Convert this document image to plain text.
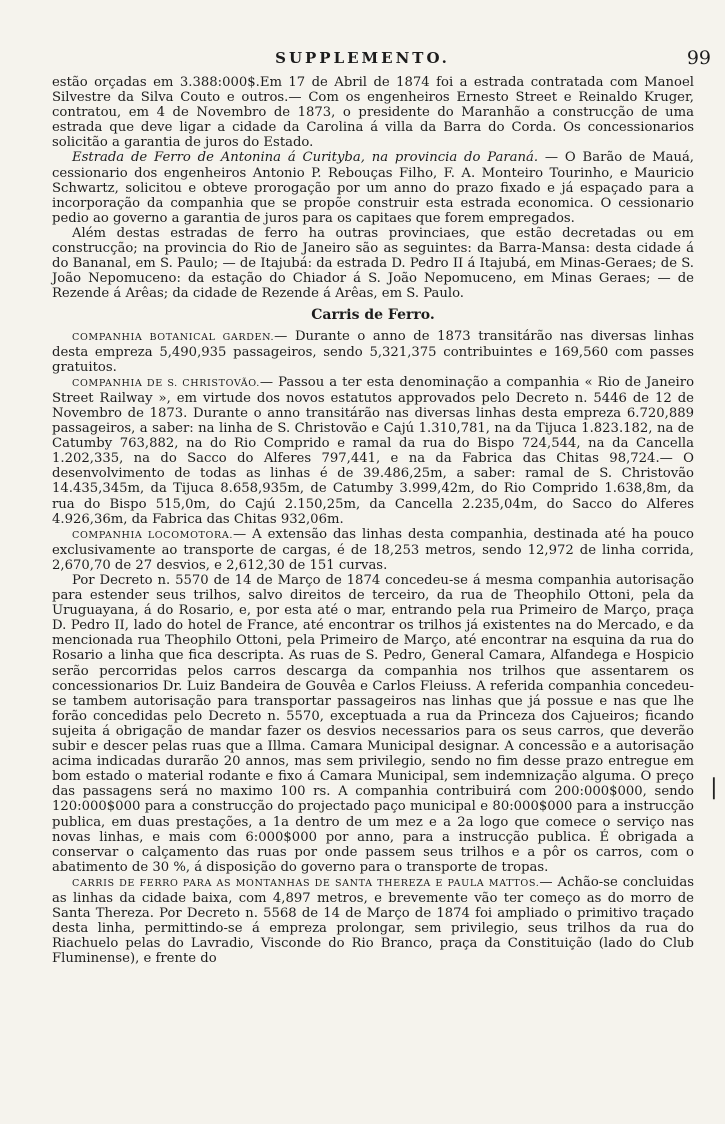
SUPPLEMENTO.	99

estão orçadas em 3.388:000$.Em 17 de Abril de 1874 foi a estrada contratada com Manoel Silvestre da Silva Couto e outros.— Com os engenheiros Ernesto Street e Reinaldo Kruger, contratou, em 4 de Novembro de 1873, o presidente do Maranhão a construcção de uma estrada que deve ligar a cidade da Carolina á villa da Barra do Corda. Os concessionarios solicitão a garantia de juros do Estado.

Estrada de Ferro de Antonina á Curityba, na provincia do Paraná. — O Barão de Mauá, cessionario dos engenheiros Antonio P. Rebouças Filho, F. A. Monteiro Tourinho, e Mauricio Schwartz, solicitou e obteve prorogação por um anno do prazo fixado e já espaçado para a incorporação da companhia que se propõe construir esta estrada economica. O cessionario pedio ao governo a garantia de juros para os capitaes que forem empregados.

Além destas estradas de ferro ha outras provinciaes, que estão decretadas ou em construcção; na provincia do Rio de Janeiro são as seguintes: da Barra-Mansa: desta cidade á do Bananal, em S. Paulo; — de Itajubá: da estrada D. Pedro II á Itajubá, em Minas-Geraes; de S. João Nepomuceno: da estação do Chiador á S. João Nepomuceno, em Minas Geraes; — de Rezende á Arêas; da cidade de Rezende á Arêas, em S. Paulo.

Carris de Ferro.

COMPANHIA BOTANICAL GARDEN.— Durante o anno de 1873 transitárão nas diversas linhas desta empreza 5,490,935 passageiros, sendo 5,321,375 contribuintes e 169,560 com passes gratuitos.

COMPANHIA DE S. CHRISTOVÃO.— Passou a ter esta denominação a companhia « Rio de Janeiro Street Railway », em virtude dos novos estatutos approvados pelo Decreto n. 5446 de 12 de Novembro de 1873. Durante o anno transitárão nas diversas linhas desta empreza 6.720,889 passageiros, a saber: na linha de S. Christovão e Cajú 1.310,781, na da Tijuca 1.823.182, na de Catumby 763,882, na do Rio Comprido e ramal da rua do Bispo 724,544, na da Cancella 1.202,335, na do Sacco do Alferes 797,441, e na da Fabrica das Chitas 98,724.— O desenvolvimento de todas as linhas é de 39.486,25m, a saber: ramal de S. Christovão 14.435,345m, da Tijuca 8.658,935m, de Catumby 3.999,42m, do Rio Comprido 1.638,8m, da rua do Bispo 515,0m, do Cajú 2.150,25m, da Cancella 2.235,04m, do Sacco do Alferes 4.926,36m, da Fabrica das Chitas 932,06m.

COMPANHIA LOCOMOTORA.— A extensão das linhas desta companhia, destinada até ha pouco exclusivamente ao transporte de cargas, é de 18,253 metros, sendo 12,972 de linha corrida, 2,670,70 de 27 desvios, e 2,612,30 de 151 curvas.

Por Decreto n. 5570 de 14 de Março de 1874 concedeu-se á mesma companhia autorisação para estender seus trilhos, salvo direitos de terceiro, da rua de Theophilo Ottoni, pela da Uruguayana, á do Rosario, e, por esta até o mar, entrando pela rua Primeiro de Março, praça D. Pedro II, lado do hotel de France, até encontrar os trilhos já existentes na do Mercado, e da mencionada rua Theophilo Ottoni, pela Primeiro de Março, até encontrar na esquina da rua do Rosario a linha que fica descripta. As ruas de S. Pedro, General Camara, Alfandega e Hospicio serão percorridas pelos carros descarga da companhia nos trilhos que assentarem os concessionarios Dr. Luiz Bandeira de Gouvêa e Carlos Fleiuss. A referida companhia concedeu-se tambem autorisação para transportar passageiros nas linhas que já possue e nas que lhe forão concedidas pelo Decreto n. 5570, exceptuada a rua da Princeza dos Cajueiros; ficando sujeita á obrigação de mandar fazer os desvios necessarios para os seus carros, que deverão subir e descer pelas ruas que a Illma. Camara Municipal designar. A concessão e a autorisação acima indicadas durarão 20 annos, mas sem privilegio, sendo no fim desse prazo entregue em bom estado o material rodante e fixo á Camara Municipal, sem indemnização alguma. O preço das passagens será no maximo 100 rs. A companhia contribuirá com 200:000$000, sendo 120:000$000 para a construcção do projectado paço municipal e 80:000$000 para a instrucção publica, em duas prestações, a 1a dentro de um mez e a 2a logo que comece o serviço nas novas linhas, e mais com 6:000$000 por anno, para a instrucção publica. É obrigada a conservar o calçamento das ruas por onde passem seus trilhos e a pôr os carros, com o abatimento de 30 %, á disposição do governo para o transporte de tropas.

CARRIS DE FERRO PARA AS MONTANHAS DE SANTA THEREZA E PAULA MATTOS.— Achão-se concluidas as linhas da cidade baixa, com 4,897 metros, e brevemente vão ter começo as do morro de Santa Thereza. Por Decreto n. 5568 de 14 de Março de 1874 foi ampliado o primitivo traçado desta linha, permittindo-se á empreza prolongar, sem privilegio, seus trilhos da rua do Riachuelo pelas do Lavradio, Visconde do Rio Branco, praça da Constituição (lado do Club Fluminense), e frente do

❘
